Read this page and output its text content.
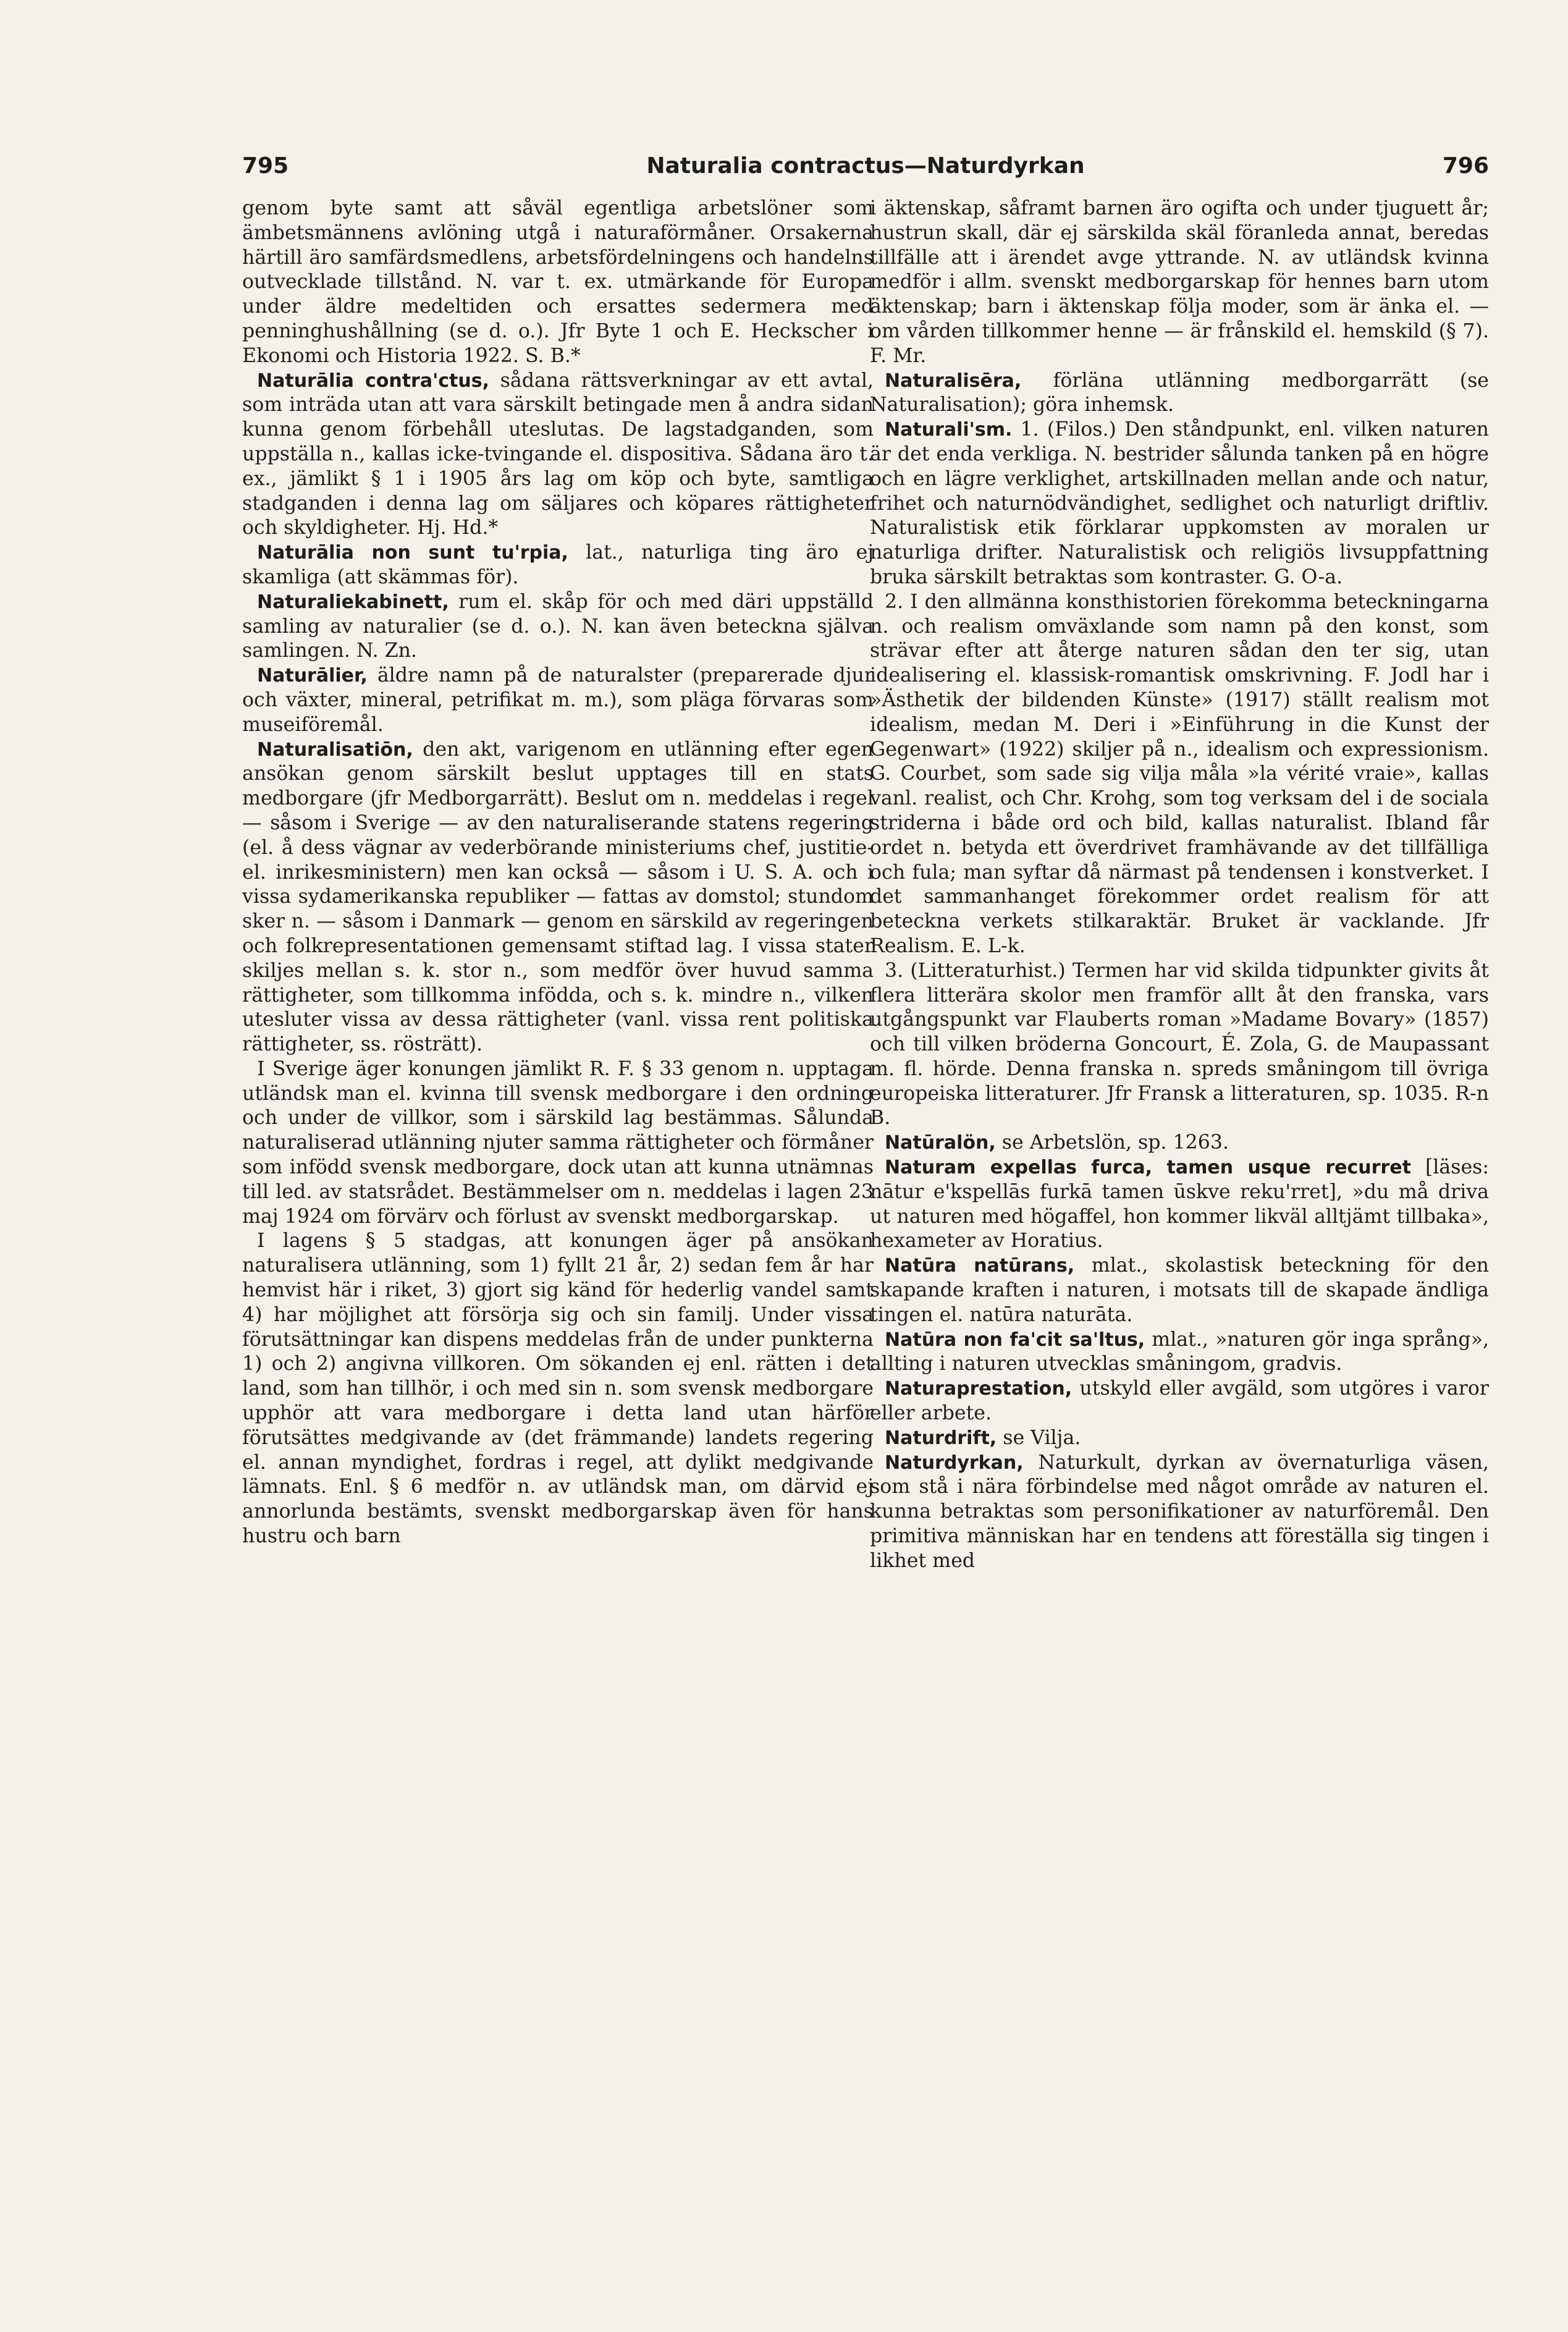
795	Naturalia contractus—Naturdyrkan	796

genom byte samt att såväl egentliga arbetslöner som ämbetsmännens avlöning utgå i naturaförmåner. Orsakerna härtill äro samfärdsmedlens, arbetsfördelningens och handelns outvecklade tillstånd. N. var t. ex. utmärkande för Europa under äldre medeltiden och ersattes sedermera med penninghushållning (se d. o.). Jfr Byte 1 och E. Heckscher i Ekonomi och Historia 1922. S. B.*

Naturālia contra'ctus, sådana rättsverkningar av ett avtal, som inträda utan att vara särskilt betingade men å andra sidan kunna genom förbehåll uteslutas. De lagstadganden, som uppställa n., kallas icke-tvingande el. dispositiva. Sådana äro t. ex., jämlikt § 1 i 1905 års lag om köp och byte, samtliga stadganden i denna lag om säljares och köpares rättigheter och skyldigheter. Hj. Hd.*

Naturālia non sunt tu'rpia, lat., naturliga ting äro ej skamliga (att skämmas för).

Naturaliekabinett, rum el. skåp för och med däri uppställd samling av naturalier (se d. o.). N. kan även beteckna själva samlingen. N. Zn.

Naturālier, äldre namn på de naturalster (preparerade djur och växter, mineral, petrifikat m. m.), som pläga förvaras som museiföremål.

Naturalisatiōn, den akt, varigenom en utlänning efter egen ansökan genom särskilt beslut upptages till en stats medborgare (jfr Medborgarrätt). Beslut om n. meddelas i regel — såsom i Sverige — av den naturaliserande statens regering (el. å dess vägnar av vederbörande ministeriums chef, justitie- el. inrikesministern) men kan också — såsom i U. S. A. och i vissa sydamerikanska republiker — fattas av domstol; stundom sker n. — såsom i Danmark — genom en särskild av regeringen och folkrepresentationen gemensamt stiftad lag. I vissa stater skiljes mellan s. k. stor n., som medför över huvud samma rättigheter, som tillkomma infödda, och s. k. mindre n., vilken utesluter vissa av dessa rättigheter (vanl. vissa rent politiska rättigheter, ss. rösträtt).

I Sverige äger konungen jämlikt R. F. § 33 genom n. upptaga utländsk man el. kvinna till svensk medborgare i den ordning och under de villkor, som i särskild lag bestämmas. Sålunda naturaliserad utlänning njuter samma rättigheter och förmåner som infödd svensk medborgare, dock utan att kunna utnämnas till led. av statsrådet. Bestämmelser om n. meddelas i lagen 23 maj 1924 om förvärv och förlust av svenskt medborgarskap.

I lagens § 5 stadgas, att konungen äger på ansökan naturalisera utlänning, som 1) fyllt 21 år, 2) sedan fem år har hemvist här i riket, 3) gjort sig känd för hederlig vandel samt 4) har möjlighet att försörja sig och sin familj. Under vissa förutsättningar kan dispens meddelas från de under punkterna 1) och 2) angivna villkoren. Om sökanden ej enl. rätten i det land, som han tillhör, i och med sin n. som svensk medborgare upphör att vara medborgare i detta land utan härför förutsättes medgivande av (det främmande) landets regering el. annan myndighet, fordras i regel, att dylikt medgivande lämnats. Enl. § 6 medför n. av utländsk man, om därvid ej annorlunda bestämts, svenskt medborgarskap även för hans hustru och barn

i äktenskap, såframt barnen äro ogifta och under tjuguett år; hustrun skall, där ej särskilda skäl föranleda annat, beredas tillfälle att i ärendet avge yttrande. N. av utländsk kvinna medför i allm. svenskt medborgarskap för hennes barn utom äktenskap; barn i äktenskap följa moder, som är änka el. — om vården tillkommer henne — är frånskild el. hemskild (§ 7). F. Mr.

Naturalisēra, förläna utlänning medborgarrätt (se Naturalisation); göra inhemsk.

Naturali'sm. 1. (Filos.) Den ståndpunkt, enl. vilken naturen är det enda verkliga. N. bestrider sålunda tanken på en högre och en lägre verklighet, artskillnaden mellan ande och natur, frihet och naturnödvändighet, sedlighet och naturligt driftliv. Naturalistisk etik förklarar uppkomsten av moralen ur naturliga drifter. Naturalistisk och religiös livsuppfattning bruka särskilt betraktas som kontraster. G. O-a.

2. I den allmänna konsthistorien förekomma beteckningarna n. och realism omväxlande som namn på den konst, som strävar efter att återge naturen sådan den ter sig, utan idealisering el. klassisk-romantisk omskrivning. F. Jodl har i »Ästhetik der bildenden Künste» (1917) ställt realism mot idealism, medan M. Deri i »Einführung in die Kunst der Gegenwart» (1922) skiljer på n., idealism och expressionism. G. Courbet, som sade sig vilja måla »la vérité vraie», kallas vanl. realist, och Chr. Krohg, som tog verksam del i de sociala striderna i både ord och bild, kallas naturalist. Ibland får ordet n. betyda ett överdrivet framhävande av det tillfälliga och fula; man syftar då närmast på tendensen i konstverket. I det sammanhanget förekommer ordet realism för att beteckna verkets stilkaraktär. Bruket är vacklande. Jfr Realism. E. L-k.

3. (Litteraturhist.) Termen har vid skilda tidpunkter givits åt flera litterära skolor men framför allt åt den franska, vars utgångspunkt var Flauberts roman »Madame Bovary» (1857) och till vilken bröderna Goncourt, É. Zola, G. de Maupassant m. fl. hörde. Denna franska n. spreds småningom till övriga europeiska litteraturer. Jfr Fransk a litteraturen, sp. 1035. R-n B.

Natūralön, se Arbetslön, sp. 1263.

Naturam expellas furca, tamen usque recurret [läses: nātur e'kspellās furkā tamen ūskve reku'rret], »du må driva ut naturen med högaffel, hon kommer likväl alltjämt tillbaka», hexameter av Horatius.

Natūra natūrans, mlat., skolastisk beteckning för den skapande kraften i naturen, i motsats till de skapade ändliga tingen el. natūra naturāta.

Natūra non fa'cit sa'ltus, mlat., »naturen gör inga språng», allting i naturen utvecklas småningom, gradvis.

Naturaprestation, utskyld eller avgäld, som utgöres i varor eller arbete.

Naturdrift, se Vilja.

Naturdyrkan, Naturkult, dyrkan av övernaturliga väsen, som stå i nära förbindelse med något område av naturen el. kunna betraktas som personifikationer av naturföremål. Den primitiva människan har en tendens att föreställa sig tingen i likhet med
